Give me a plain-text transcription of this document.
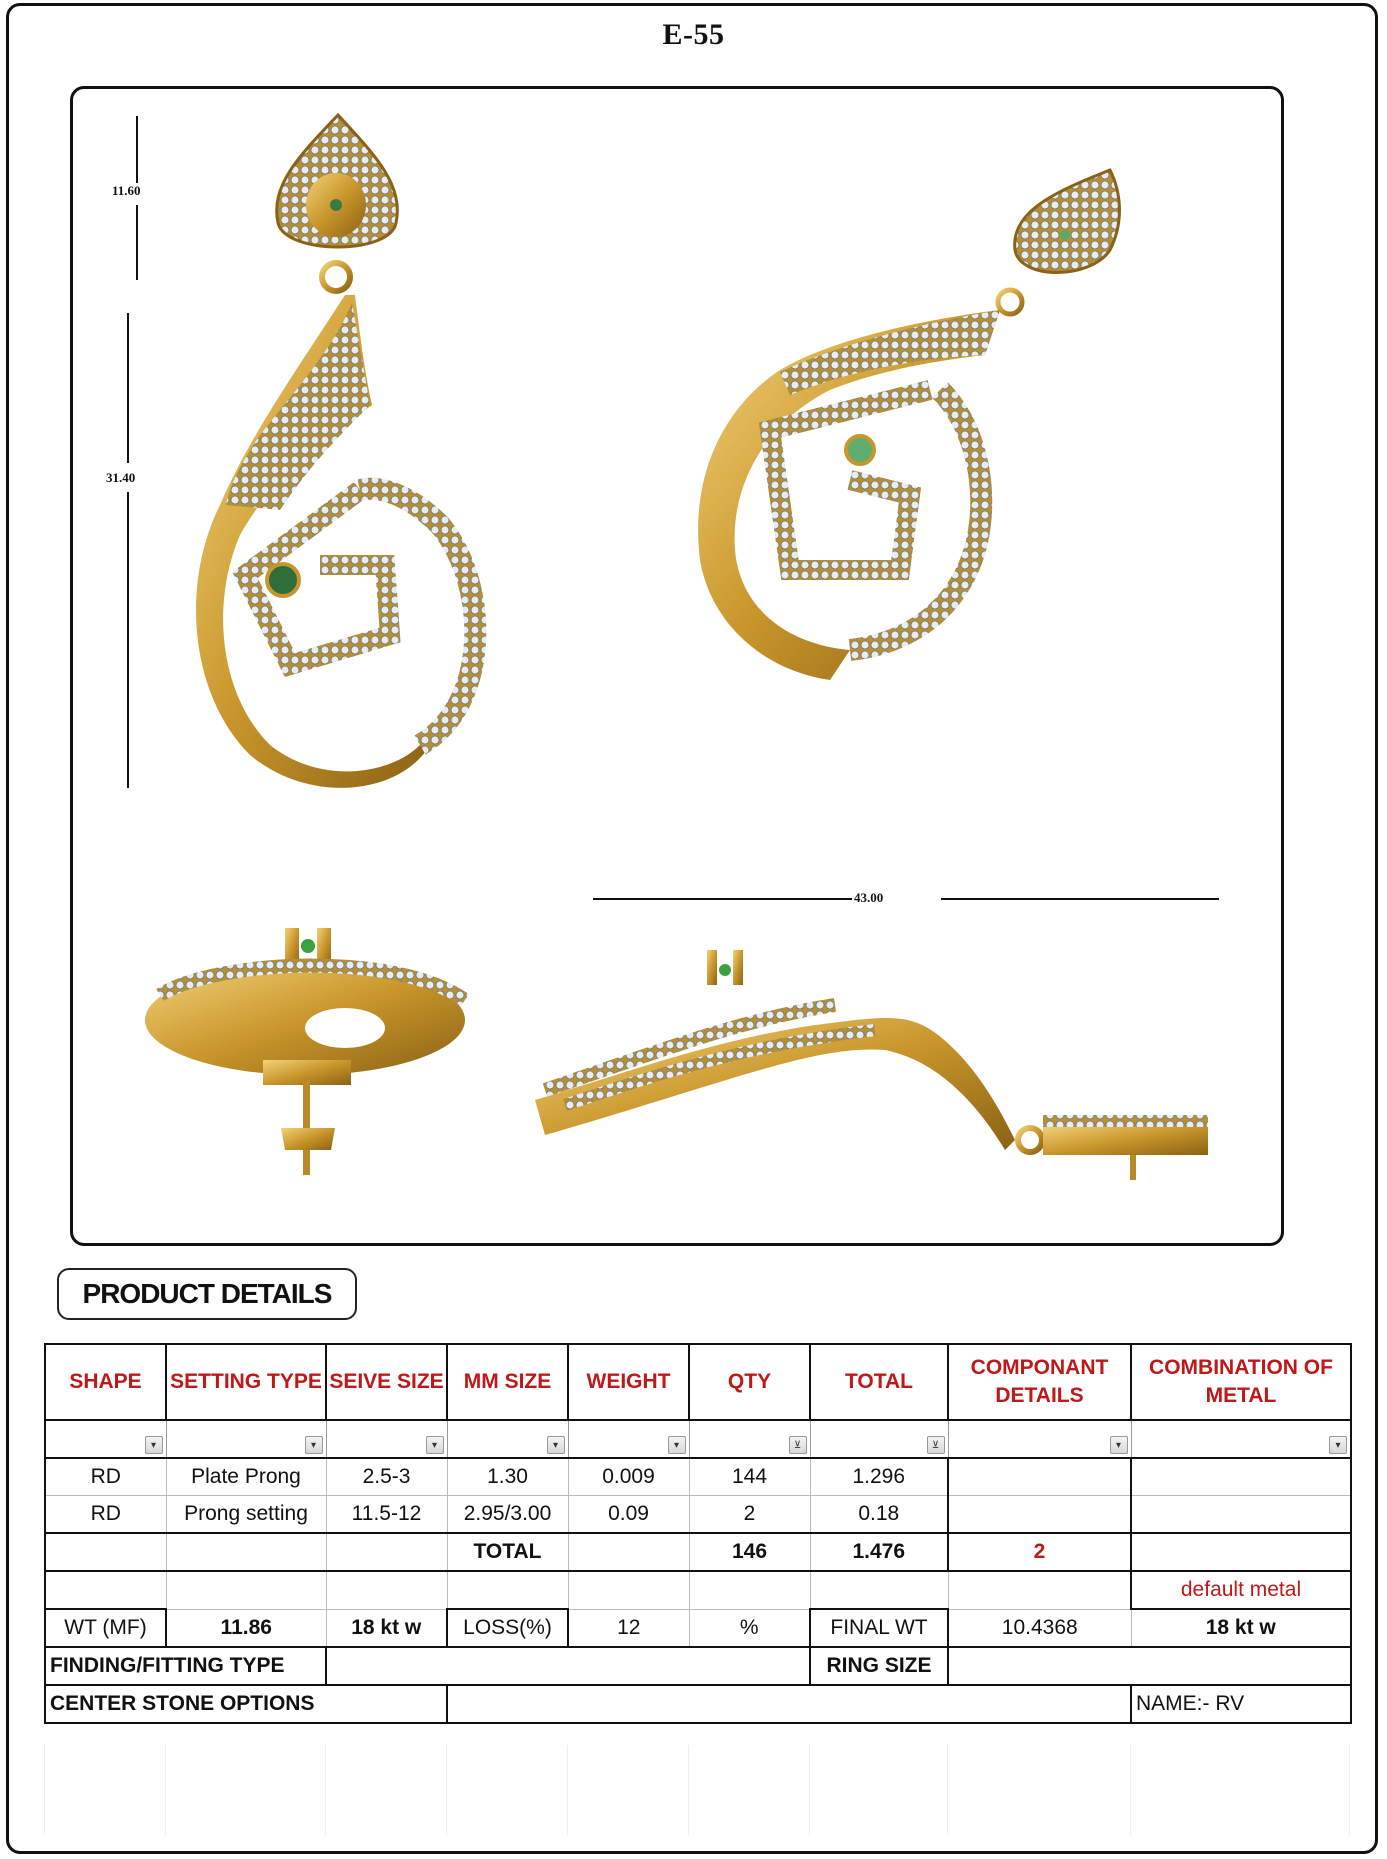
E-55
11.60
31.40
43.00
PRODUCT DETAILS
SHAPE	SETTING TYPE	SEIVE SIZE	MM SIZE	WEIGHT	QTY	TOTAL	COMPONANT DETAILS	COMBINATION OF METAL

▾	▾	▾	▾	▾	⊻	⊻	▾	▾

RD	Plate Prong	2.5-3	1.30	0.009	144	1.296		
RD	Prong setting	11.5-12	2.95/3.00	0.09	2	0.18		
			TOTAL		146	1.476	2	
								default metal
WT (MF)	11.86	18 kt w	LOSS(%)	12	%	FINAL WT	10.4368	18 kt w
FINDING/FITTING TYPE						RING SIZE		
CENTER STONE OPTIONS								NAME:- RV
